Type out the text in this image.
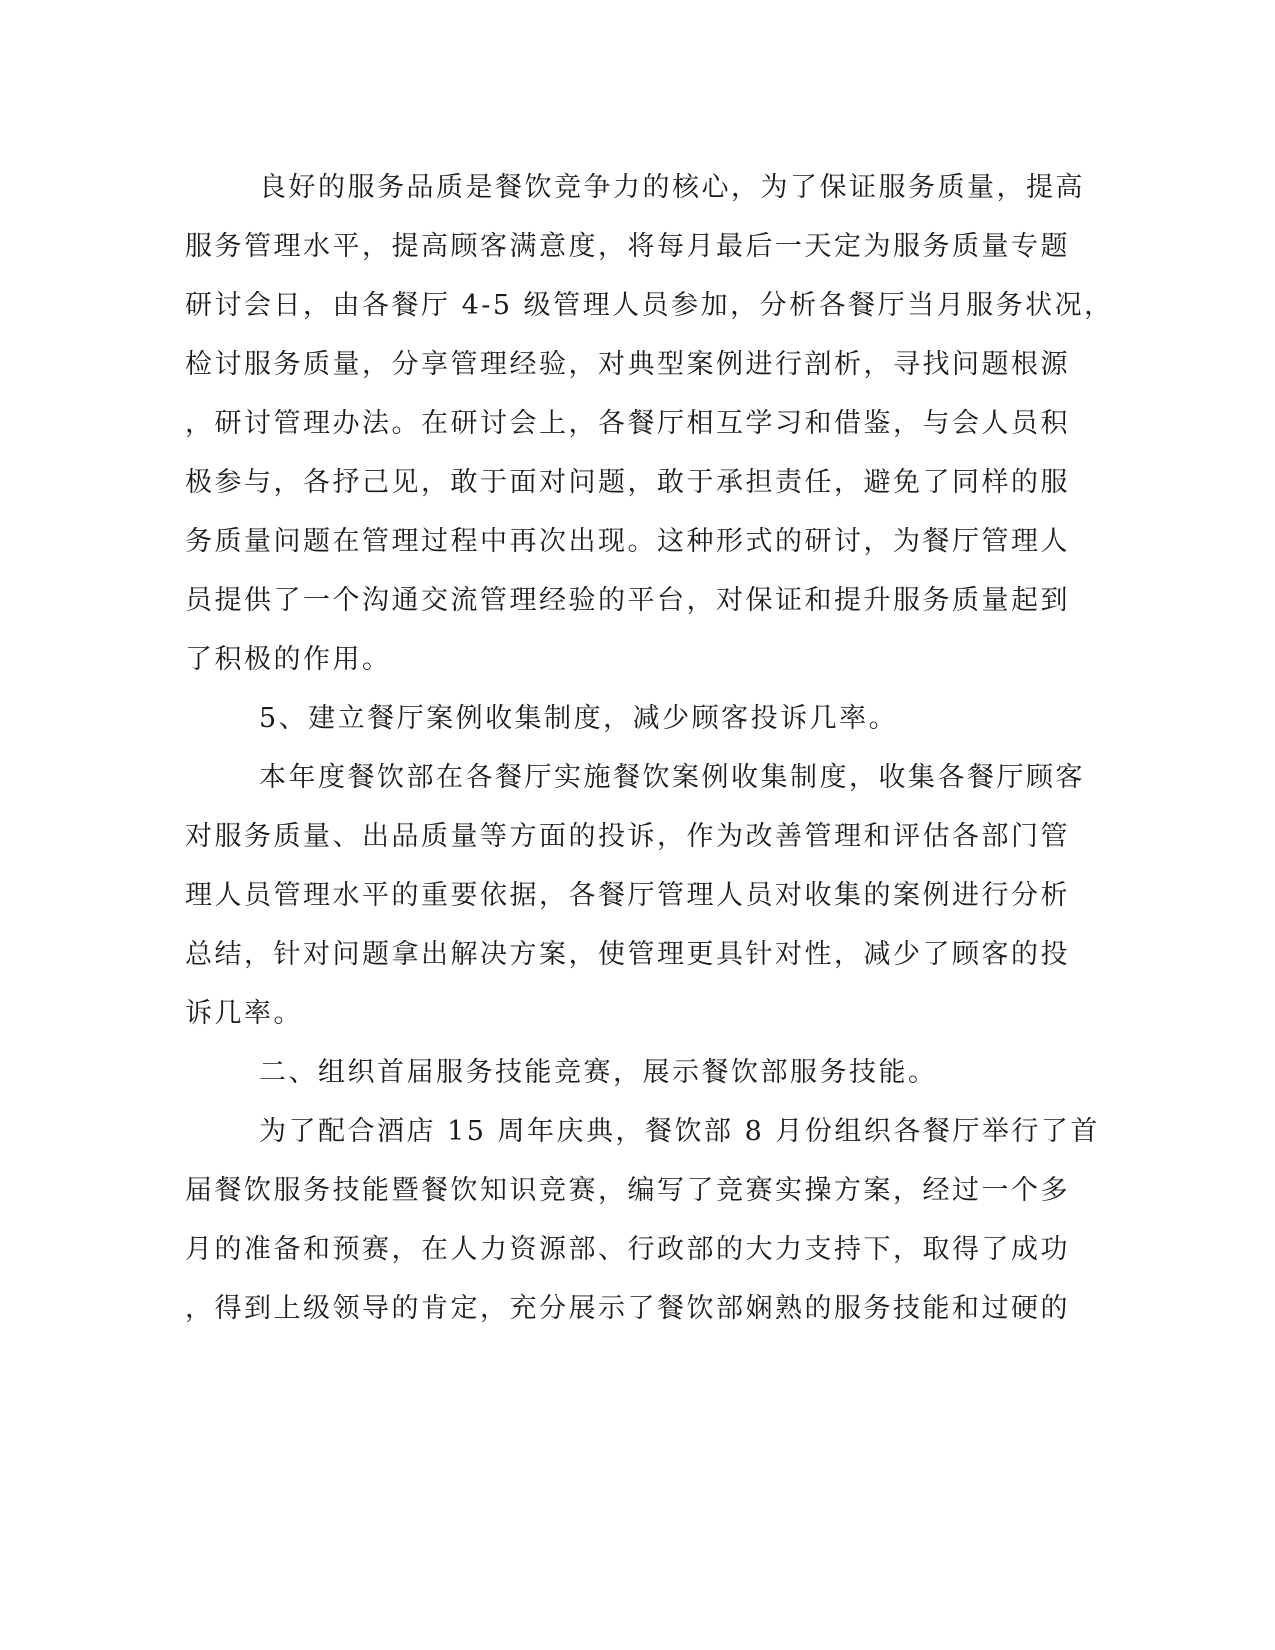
良好的服务品质是餐饮竞争力的核心，为了保证服务质量，提高
服务管理水平，提高顾客满意度，将每月最后一天定为服务质量专题
研讨会日，由各餐厅 4-5 级管理人员参加，分析各餐厅当月服务状况，
检讨服务质量，分享管理经验，对典型案例进行剖析，寻找问题根源
，研讨管理办法。在研讨会上，各餐厅相互学习和借鉴，与会人员积
极参与，各抒己见，敢于面对问题，敢于承担责任，避免了同样的服
务质量问题在管理过程中再次出现。这种形式的研讨，为餐厅管理人
员提供了一个沟通交流管理经验的平台，对保证和提升服务质量起到
了积极的作用。
5、建立餐厅案例收集制度，减少顾客投诉几率。
本年度餐饮部在各餐厅实施餐饮案例收集制度，收集各餐厅顾客
对服务质量、出品质量等方面的投诉，作为改善管理和评估各部门管
理人员管理水平的重要依据，各餐厅管理人员对收集的案例进行分析
总结，针对问题拿出解决方案，使管理更具针对性，减少了顾客的投
诉几率。
二、组织首届服务技能竞赛，展示餐饮部服务技能。
为了配合酒店 15 周年庆典，餐饮部 8 月份组织各餐厅举行了首
届餐饮服务技能暨餐饮知识竞赛，编写了竞赛实操方案，经过一个多
月的准备和预赛，在人力资源部、行政部的大力支持下，取得了成功
，得到上级领导的肯定，充分展示了餐饮部娴熟的服务技能和过硬的
